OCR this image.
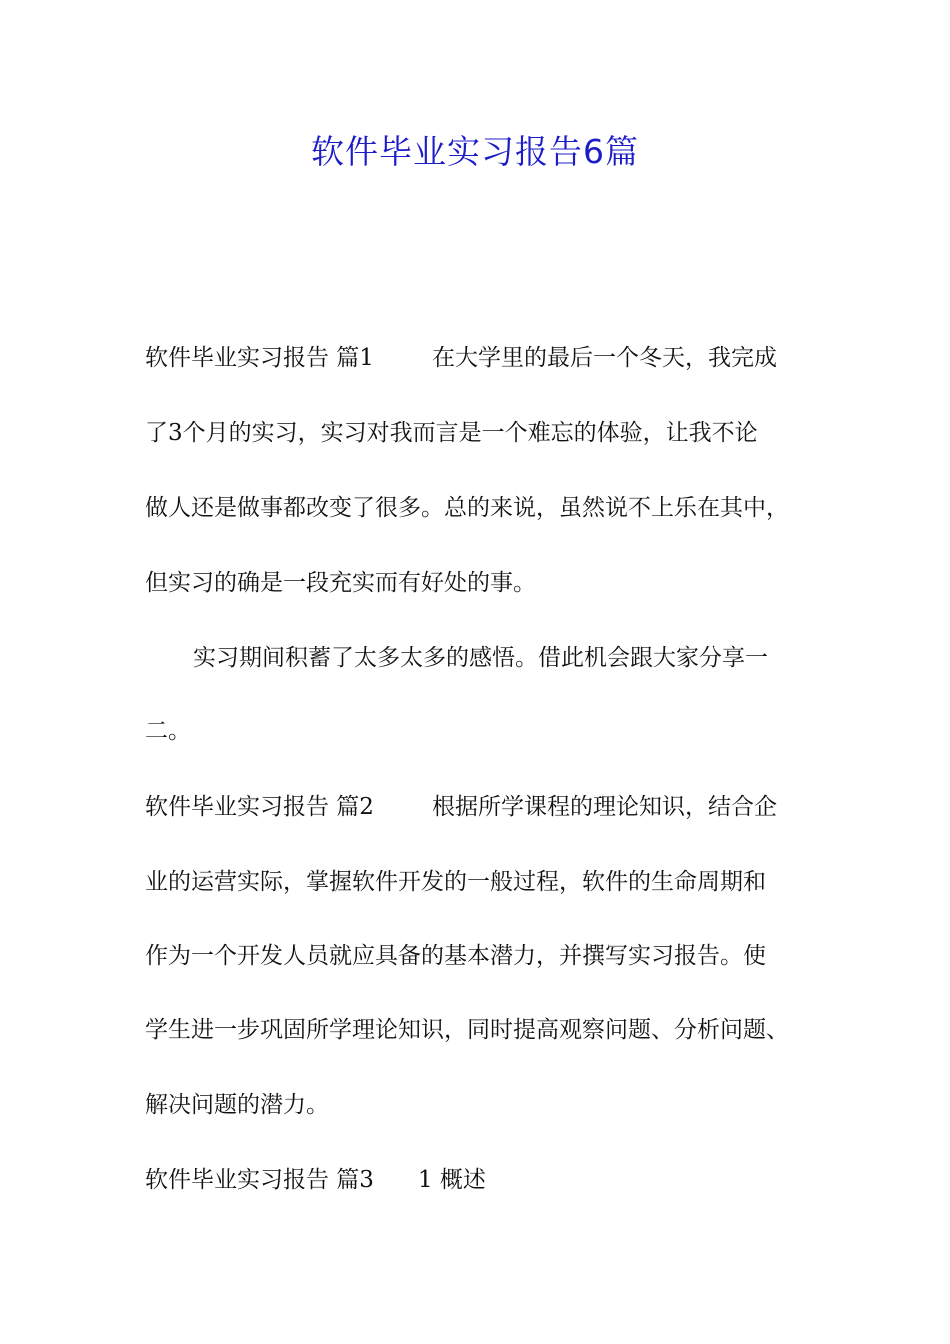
软件毕业实习报告6篇
软件毕业实习报告 篇1	在大学里的最后一个冬天，我完成
了3个月的实习，实习对我而言是一个难忘的体验，让我不论
做人还是做事都改变了很多。总的来说，虽然说不上乐在其中，
但实习的确是一段充实而有好处的事。
实习期间积蓄了太多太多的感悟。借此机会跟大家分享一
二。
软件毕业实习报告 篇2	根据所学课程的理论知识，结合企
业的运营实际，掌握软件开发的一般过程，软件的生命周期和
作为一个开发人员就应具备的基本潜力，并撰写实习报告。使
学生进一步巩固所学理论知识，同时提高观察问题、分析问题、
解决问题的潜力。
软件毕业实习报告 篇3 1 概述
